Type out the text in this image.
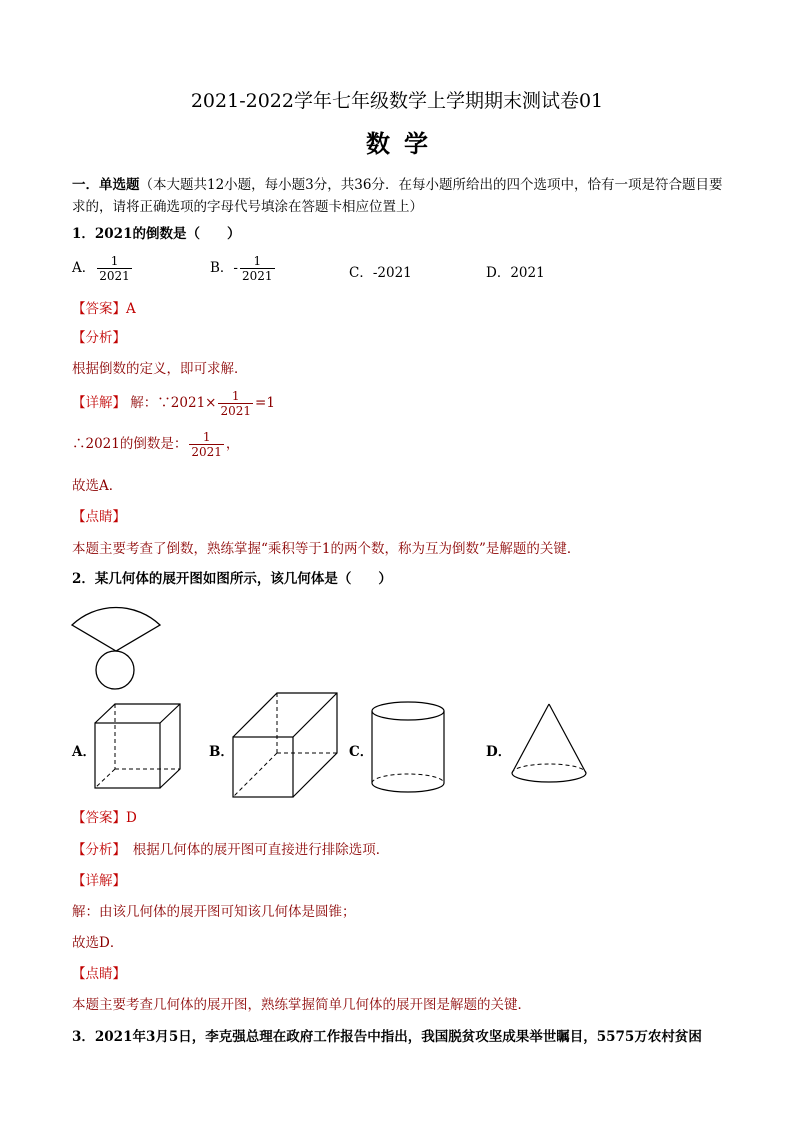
2021-2022学年七年级数学上学期期末测试卷01
数学
一．单选题（本大题共12小题，每小题3分，共36分．在每小题所给出的四个选项中，恰有一项是符合题目要求的，请将正确选项的字母代号填涂在答题卡相应位置上）
1．2021的倒数是（　　）
A． $\frac{1}{2021}$	B．- $\frac{1}{2021}$	C．-2021	D．2021
【答案】A
【分析】
根据倒数的定义，即可求解．
【详解】 解：∵2021× $\frac{1}{2021} =1$
∴2021的倒数是： $\frac{1}{2021}$ ，
故选A．
【点睛】
本题主要考查了倒数，熟练掌握“乘积等于1的两个数，称为互为倒数”是解题的关键．
2．某几何体的展开图如图所示，该几何体是（　　）
A．	B．	C．	D．
【答案】D
【分析】　 根据几何体的展开图可直接进行排除选项．
【详解】
解：由该几何体的展开图可知该几何体是圆锥；
故选D．
【点睛】
本题主要考查几何体的展开图，熟练掌握简单几何体的展开图是解题的关键．
3．2021年3月5日，李克强总理在政府工作报告中指出，我国脱贫攻坚成果举世瞩目，5575万农村贫困
